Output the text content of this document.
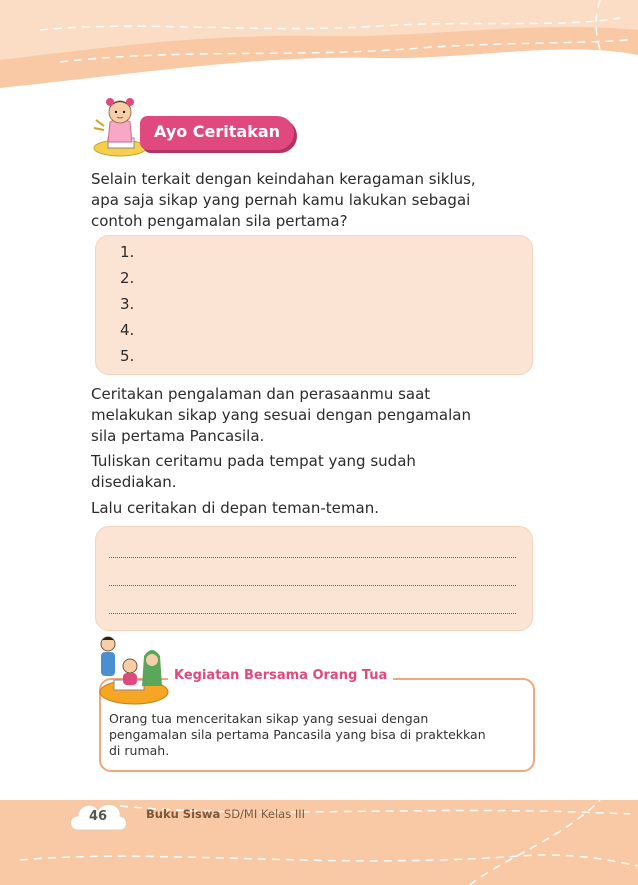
Ayo Ceritakan
Selain terkait dengan keindahan keragaman siklus,
apa saja sikap yang pernah kamu lakukan sebagai
contoh pengamalan sila pertama?
1.
2.
3.
4.
5.
Ceritakan pengalaman dan perasaanmu saat
melakukan sikap yang sesuai dengan pengamalan
sila pertama Pancasila.
Tuliskan ceritamu pada tempat yang sudah
disediakan.
Lalu ceritakan di depan teman-teman.
Kegiatan Bersama Orang Tua
Orang tua menceritakan sikap yang sesuai dengan
pengamalan sila pertama Pancasila yang bisa di praktekkan
di rumah.
46	Buku Siswa SD/MI Kelas III
